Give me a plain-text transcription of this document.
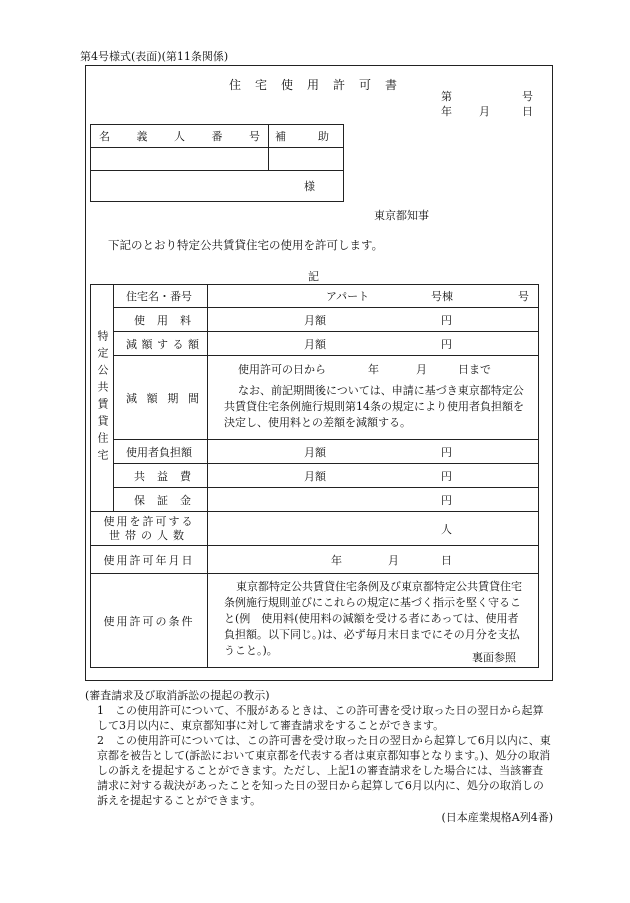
第4号様式(表面)(第11条関係)
住宅使用許可書
第	号
年 月	日
名 義 人 番 号	補 助

様	
東京都知事
下記のとおり特定公共賃貸住宅の使用を許可します。
記
特定公共賃貸住宅	住宅名・番号	アパート 号棟 号

	使 用 料	月額 円

	減 額 す る 額	月額 円

	減 額 期 間	使用許可の日から 年 月 日まで
なお、前記期間後については、申請に基づき東京都特定公共賃貸住宅条例施行規則第14条の規定により使用者負担額を決定し、使用料との差額を減額する。

	使用者負担額	月額 円

	共 益 費	月額 円

	保 証 金	円

使用を許可する
世帯の人数		人

使用許可年月日		年 月 日

使用許可の条件		東京都特定公共賃貸住宅条例及び東京都特定公共賃貸住宅条例施行規則並びにこれらの規定に基づく指示を堅く守ること(例　使用料(使用料の減額を受ける者にあっては、使用者負担額。以下同じ。)は、必ず毎月末日までにその月分を支払うこと。)。
裏面参照

(審査請求及び取消訴訟の提起の教示)

1　この使用許可について、不服があるときは、この許可書を受け取った日の翌日から起算して3月以内に、東京都知事に対して審査請求をすることができます。

2　この使用許可については、この許可書を受け取った日の翌日から起算して6月以内に、東京都を被告として(訴訟において東京都を代表する者は東京都知事となります。)、処分の取消しの訴えを提起することができます。ただし、上記1の審査請求をした場合には、当該審査請求に対する裁決があったことを知った日の翌日から起算して6月以内に、処分の取消しの訴えを提起することができます。

(日本産業規格A列4番)
